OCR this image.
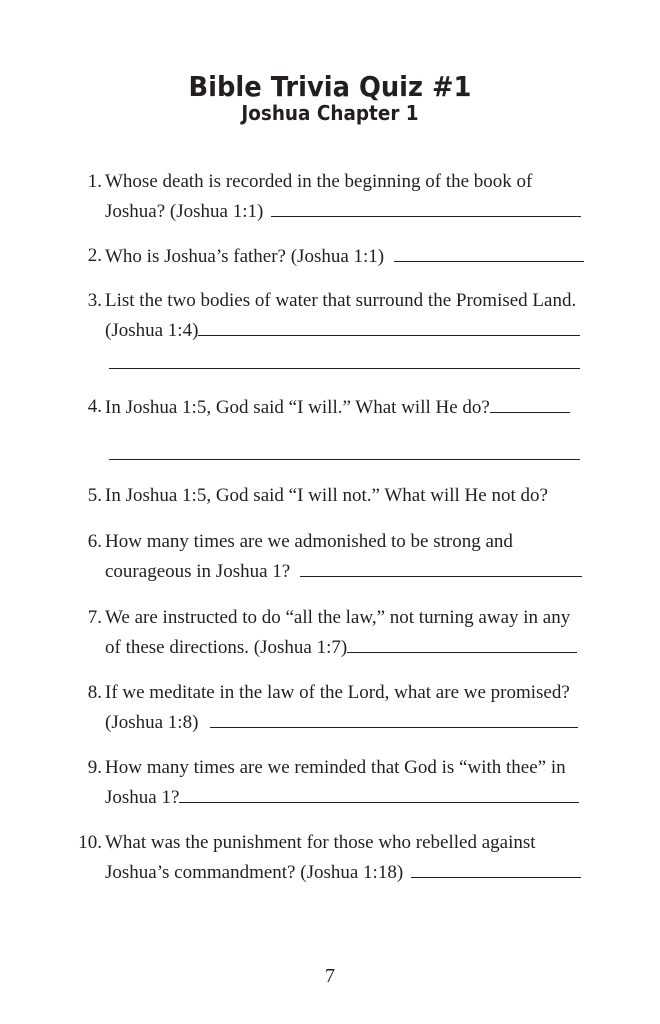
Bible Trivia Quiz #1
Joshua Chapter 1
1. Whose death is recorded in the beginning of the book of
Joshua? (Joshua 1:1)
2. Who is Joshua’s father? (Joshua 1:1)
3. List the two bodies of water that surround the Promised Land.
(Joshua 1:4)
4. In Joshua 1:5, God said “I will.” What will He do?
5. In Joshua 1:5, God said “I will not.” What will He not do?
6. How many times are we admonished to be strong and
courageous in Joshua 1?
7. We are instructed to do “all the law,” not turning away in any
of these directions. (Joshua 1:7)
8. If we meditate in the law of the Lord, what are we promised?
(Joshua 1:8)
9. How many times are we reminded that God is “with thee” in
Joshua 1?
10. What was the punishment for those who rebelled against
Joshua’s commandment? (Joshua 1:18)
7
